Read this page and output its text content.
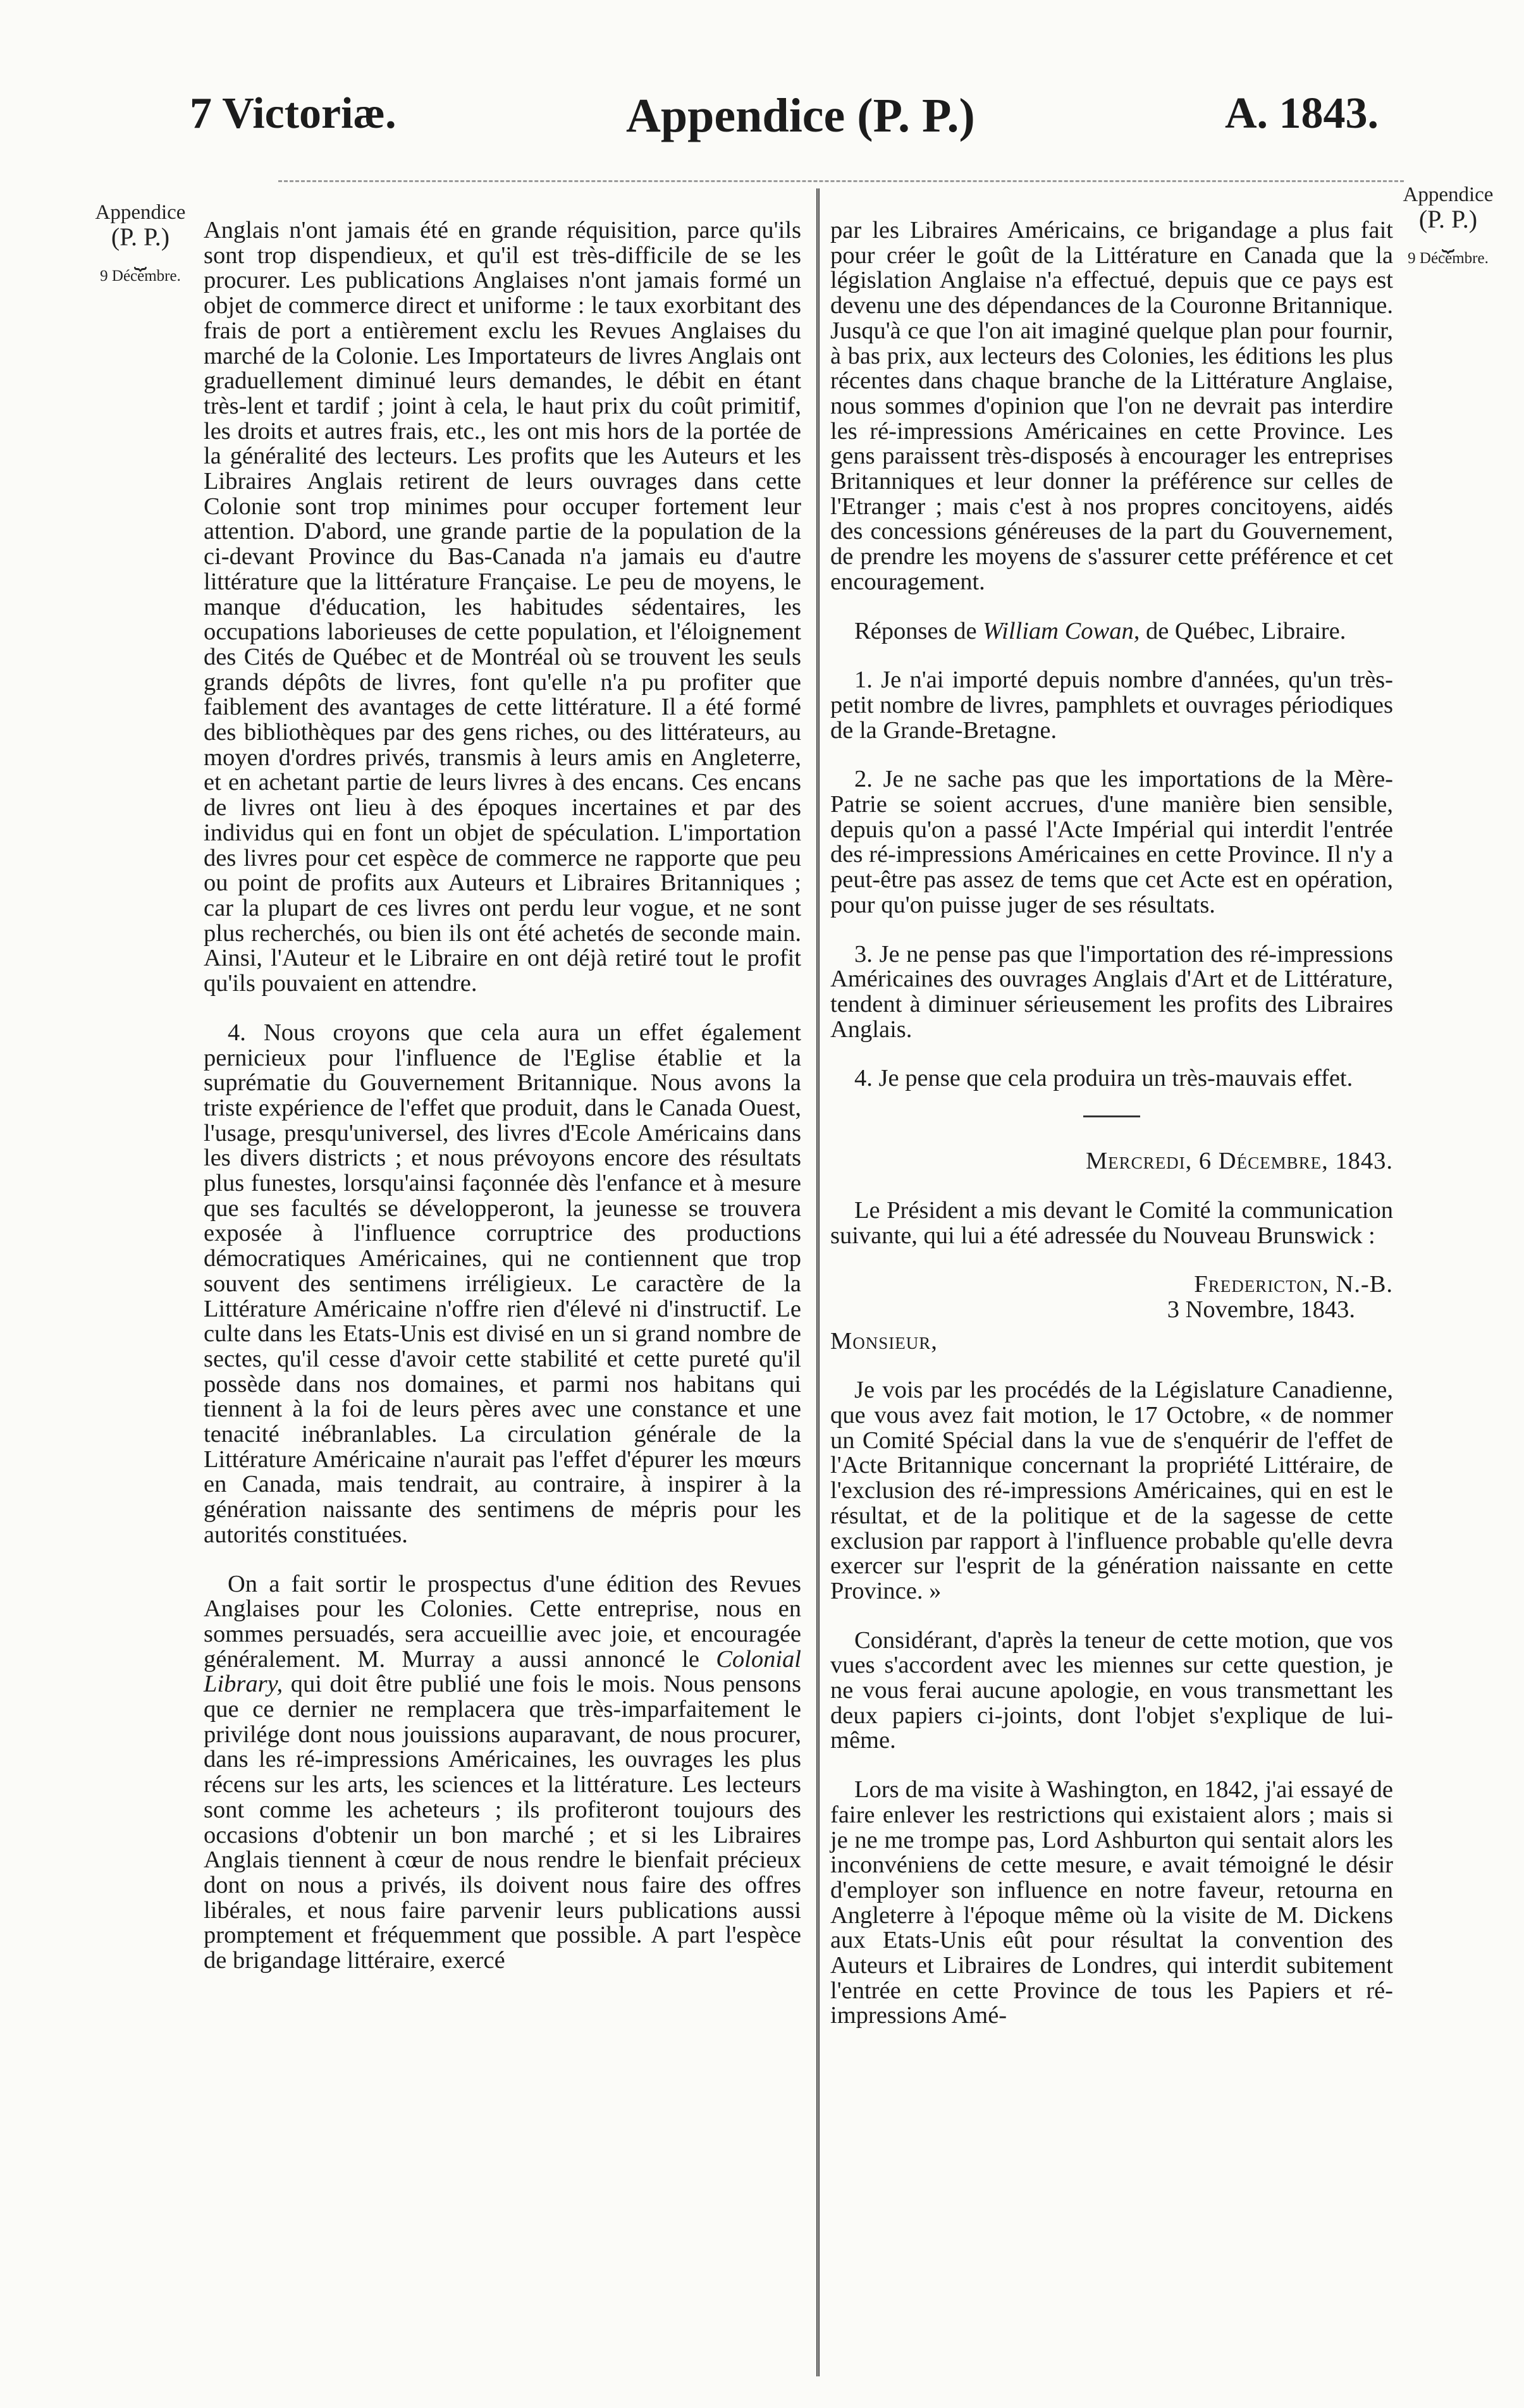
7 Victoriæ.	Appendice (P. P.)	A. 1843.
Appendice
(P. P.)
⏟
9 Décembre.
Appendice
(P. P.)
⏟
9 Décembre.

Anglais n'ont jamais été en grande réquisition, parce qu'ils sont trop dispendieux, et qu'il est très-difficile de se les procurer. Les publications Anglaises n'ont jamais formé un objet de commerce direct et uniforme : le taux exorbitant des frais de port a entièrement exclu les Revues Anglaises du marché de la Colonie. Les Importateurs de livres Anglais ont graduellement diminué leurs demandes, le débit en étant très-lent et tardif ; joint à cela, le haut prix du coût primitif, les droits et autres frais, etc., les ont mis hors de la portée de la généralité des lecteurs. Les profits que les Auteurs et les Libraires Anglais retirent de leurs ouvrages dans cette Colonie sont trop minimes pour occuper fortement leur attention. D'abord, une grande partie de la population de la ci-devant Province du Bas-Canada n'a jamais eu d'autre littérature que la littérature Française. Le peu de moyens, le manque d'éducation, les habitudes sédentaires, les occupations laborieuses de cette population, et l'éloignement des Cités de Québec et de Montréal où se trouvent les seuls grands dépôts de livres, font qu'elle n'a pu profiter que faiblement des avantages de cette littérature. Il a été formé des bibliothèques par des gens riches, ou des littérateurs, au moyen d'ordres privés, transmis à leurs amis en Angleterre, et en achetant partie de leurs livres à des encans. Ces encans de livres ont lieu à des époques incertaines et par des individus qui en font un objet de spéculation. L'importation des livres pour cet espèce de commerce ne rapporte que peu ou point de profits aux Auteurs et Libraires Britanniques ; car la plupart de ces livres ont perdu leur vogue, et ne sont plus recherchés, ou bien ils ont été achetés de seconde main. Ainsi, l'Auteur et le Libraire en ont déjà retiré tout le profit qu'ils pouvaient en attendre.

4. Nous croyons que cela aura un effet également pernicieux pour l'influence de l'Eglise établie et la suprématie du Gouvernement Britannique. Nous avons la triste expérience de l'effet que produit, dans le Canada Ouest, l'usage, presqu'universel, des livres d'Ecole Américains dans les divers districts ; et nous prévoyons encore des résultats plus funestes, lorsqu'ainsi façonnée dès l'enfance et à mesure que ses facultés se développeront, la jeunesse se trouvera exposée à l'influence corruptrice des productions démocratiques Américaines, qui ne contiennent que trop souvent des sentimens irréligieux. Le caractère de la Littérature Américaine n'offre rien d'élevé ni d'instructif. Le culte dans les Etats-Unis est divisé en un si grand nombre de sectes, qu'il cesse d'avoir cette stabilité et cette pureté qu'il possède dans nos domaines, et parmi nos habitans qui tiennent à la foi de leurs pères avec une constance et une tenacité inébranlables. La circulation générale de la Littérature Américaine n'aurait pas l'effet d'épurer les mœurs en Canada, mais tendrait, au contraire, à inspirer à la génération naissante des sentimens de mépris pour les autorités constituées.

On a fait sortir le prospectus d'une édition des Revues Anglaises pour les Colonies. Cette entreprise, nous en sommes persuadés, sera accueillie avec joie, et encouragée généralement. M. Murray a aussi annoncé le Colonial Library, qui doit être publié une fois le mois. Nous pensons que ce dernier ne remplacera que très-imparfaitement le privilége dont nous jouissions auparavant, de nous procurer, dans les ré-impressions Américaines, les ouvrages les plus récens sur les arts, les sciences et la littérature. Les lecteurs sont comme les acheteurs ; ils profiteront toujours des occasions d'obtenir un bon marché ; et si les Libraires Anglais tiennent à cœur de nous rendre le bienfait précieux dont on nous a privés, ils doivent nous faire des offres libérales, et nous faire parvenir leurs publications aussi promptement et fréquemment que possible. A part l'espèce de brigandage littéraire, exercé

par les Libraires Américains, ce brigandage a plus fait pour créer le goût de la Littérature en Canada que la législation Anglaise n'a effectué, depuis que ce pays est devenu une des dépendances de la Couronne Britannique. Jusqu'à ce que l'on ait imaginé quelque plan pour fournir, à bas prix, aux lecteurs des Colonies, les éditions les plus récentes dans chaque branche de la Littérature Anglaise, nous sommes d'opinion que l'on ne devrait pas interdire les ré-impressions Américaines en cette Province. Les gens paraissent très-disposés à encourager les entreprises Britanniques et leur donner la préférence sur celles de l'Etranger ; mais c'est à nos propres concitoyens, aidés des concessions généreuses de la part du Gouvernement, de prendre les moyens de s'assurer cette préférence et cet encouragement.

Réponses de William Cowan, de Québec, Libraire.

1. Je n'ai importé depuis nombre d'années, qu'un très-petit nombre de livres, pamphlets et ouvrages périodiques de la Grande-Bretagne.

2. Je ne sache pas que les importations de la Mère-Patrie se soient accrues, d'une manière bien sensible, depuis qu'on a passé l'Acte Impérial qui interdit l'entrée des ré-impressions Américaines en cette Province. Il n'y a peut-être pas assez de tems que cet Acte est en opération, pour qu'on puisse juger de ses résultats.

3. Je ne pense pas que l'importation des ré-impressions Américaines des ouvrages Anglais d'Art et de Littérature, tendent à diminuer sérieusement les profits des Libraires Anglais.

4. Je pense que cela produira un très-mauvais effet.

Mercredi, 6 Décembre, 1843.

Le Président a mis devant le Comité la communication suivante, qui lui a été adressée du Nouveau Brunswick :

Fredericton, N.-B.
3 Novembre, 1843.

Monsieur,

Je vois par les procédés de la Législature Canadienne, que vous avez fait motion, le 17 Octobre, « de nommer un Comité Spécial dans la vue de s'enquérir de l'effet de l'Acte Britannique concernant la propriété Littéraire, de l'exclusion des ré-impressions Américaines, qui en est le résultat, et de la politique et de la sagesse de cette exclusion par rapport à l'influence probable qu'elle devra exercer sur l'esprit de la génération naissante en cette Province. »

Considérant, d'après la teneur de cette motion, que vos vues s'accordent avec les miennes sur cette question, je ne vous ferai aucune apologie, en vous transmettant les deux papiers ci-joints, dont l'objet s'explique de lui-même.

Lors de ma visite à Washington, en 1842, j'ai essayé de faire enlever les restrictions qui existaient alors ; mais si je ne me trompe pas, Lord Ashburton qui sentait alors les inconvéniens de cette mesure, e avait témoigné le désir d'employer son influence en notre faveur, retourna en Angleterre à l'époque même où la visite de M. Dickens aux Etats-Unis eût pour résultat la convention des Auteurs et Libraires de Londres, qui interdit subitement l'entrée en cette Province de tous les Papiers et ré-impressions Amé-
